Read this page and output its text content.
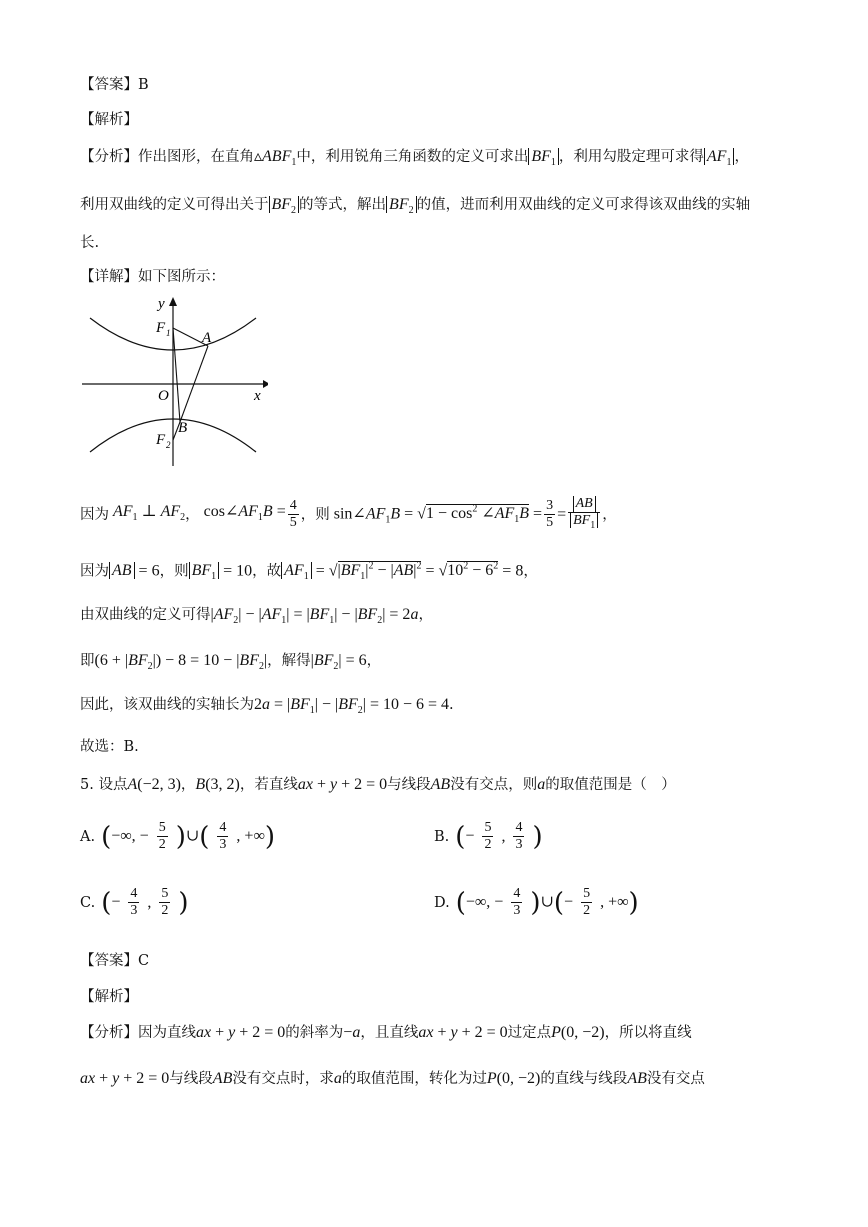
【答案】B
【解析】
【分析】作出图形，在直角$▵ABF_1$中，利用锐角三角函数的定义可求出 $BF_1$ ，利用勾股定理可求得 $AF_1$ ，
利用双曲线的定义可得出关于 $BF_2$ 的等式，解出 $BF_2$ 的值，进而利用双曲线的定义可求得该双曲线的实轴
长.
【详解】如下图所示：
y
x
O
F 1 A
B
F 2
因为 $AF_1$ ⊥ $AF_2$ ， $\cos\angle AF_1B = \frac{4}{5}$ ，则 $\sin\angle AF_1B = √1 - \cos^2$ $\angle AF_1B = \frac{3}{5} = \frac{AB}{BF_1}$ ，
因为 AB = 6，则 $BF_1 = 10$，故 $AF_1 = √|BF_1|^2 - |AB|^2 = √10^2 - 6^2 = 8$，
由双曲线的定义可得$|AF_2| - |AF_1| = |BF_1| - |BF_2| = 2a$，
即$(6 + |BF_2|) - 8 = 10 - |BF_2|$，解得$|BF_2| = 6$，
因此，该双曲线的实轴长为$2a = |BF_1| - |BF_2| = 10 - 6 = 4$.
故选：B.
5. 设点A(−2, 3)，B(3, 2)，若直线ax + y + 2 = 0与线段AB没有交点，则a的取值范围是（　）
A. (−∞, − $\frac{5}{2}$ )∪( $\frac{4}{3}$ , +∞)	B. (− $\frac{5}{2}$ , $\frac{4}{3}$ )
C. (− $\frac{4}{3}$ , $\frac{5}{2}$ )	D. (−∞, − $\frac{4}{3}$ )∪(− $\frac{5}{2}$ , +∞)
【答案】C
【解析】
【分析】因为直线ax + y + 2 = 0的斜率为−a，且直线ax + y + 2 = 0过定点P(0, −2)，所以将直线
ax + y + 2 = 0与线段AB没有交点时，求a的取值范围，转化为过P(0, −2)的直线与线段AB没有交点
